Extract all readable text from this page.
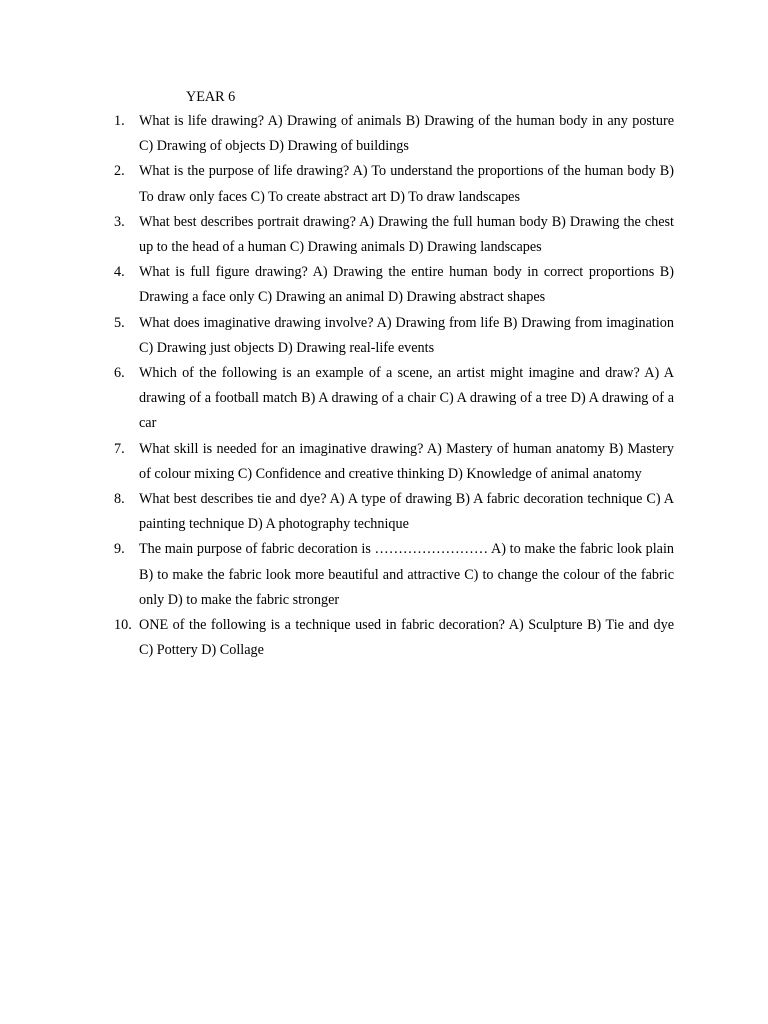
YEAR 6
1. What is life drawing? A) Drawing of animals B) Drawing of the human body in any posture C) Drawing of objects D) Drawing of buildings
2. What is the purpose of life drawing? A) To understand the proportions of the human body B) To draw only faces C) To create abstract art D) To draw landscapes
3. What best describes portrait drawing? A) Drawing the full human body B) Drawing the chest up to the head of a human C) Drawing animals D) Drawing landscapes
4. What is full figure drawing? A) Drawing the entire human body in correct proportions B) Drawing a face only C) Drawing an animal D) Drawing abstract shapes
5. What does imaginative drawing involve? A) Drawing from life B) Drawing from imagination C) Drawing just objects D) Drawing real-life events
6. Which of the following is an example of a scene, an artist might imagine and draw? A) A drawing of a football match B) A drawing of a chair C) A drawing of a tree D) A drawing of a car
7. What skill is needed for an imaginative drawing? A) Mastery of human anatomy B) Mastery of colour mixing C) Confidence and creative thinking D) Knowledge of animal anatomy
8. What best describes tie and dye? A) A type of drawing B) A fabric decoration technique C) A painting technique D) A photography technique
9. The main purpose of fabric decoration is …………………… A) to make the fabric look plain B) to make the fabric look more beautiful and attractive C) to change the colour of the fabric only D) to make the fabric stronger
10. ONE of the following is a technique used in fabric decoration? A) Sculpture B) Tie and dye C) Pottery D) Collage
